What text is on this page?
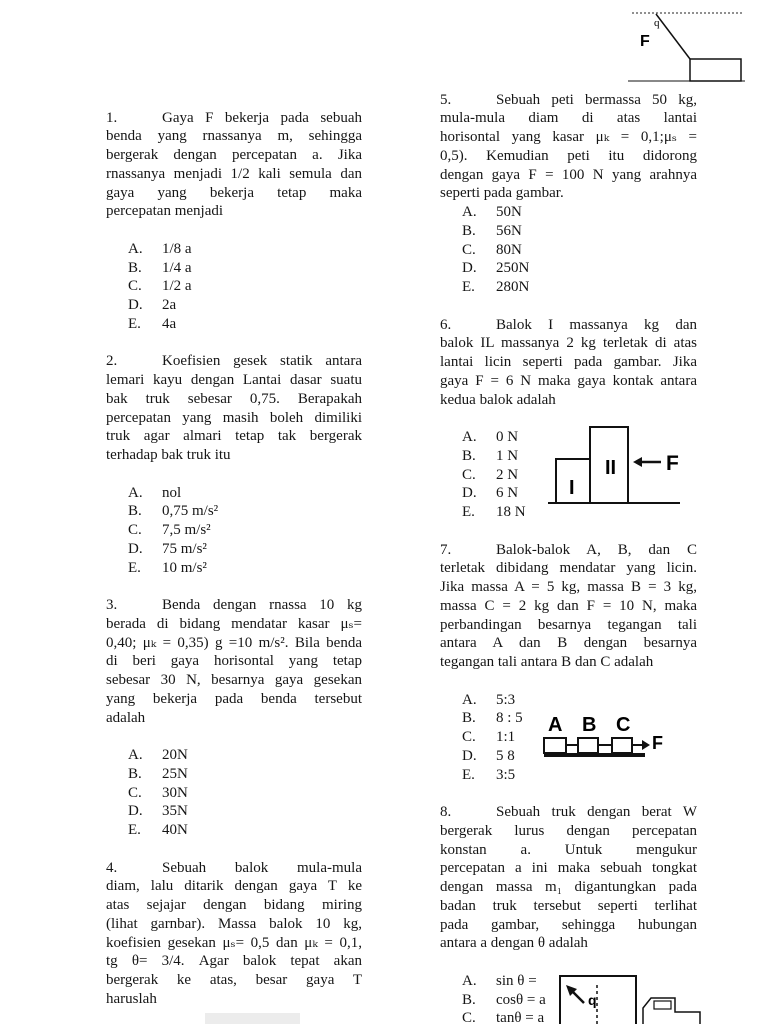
q
F
1.	Gaya F bekerja pada sebuah
benda yang rnassanya m, sehingga
bergerak dengan percepatan a. Jika
rnassanya menjadi 1/2 kali semula dan
gaya yang bekerja tetap maka
percepatan menjadi
A.	1/8 a
B.	1/4 a
C.	1/2 a
D.	2a
E.	4a
2.	Koefisien gesek statik antara
lemari kayu dengan Lantai dasar suatu
bak truk sebesar 0,75. Berapakah
percepatan yang masih boleh dimiliki
truk agar almari tetap tak bergerak
terhadap bak truk itu
A.	nol
B.	0,75 m/s²
C.	7,5 m/s²
D.	75 m/s²
E.	10 m/s²
3.	Benda dengan rnassa 10 kg
berada di bidang mendatar kasar μₛ=
0,40; μₖ = 0,35) g =10 m/s². Bila benda
di beri gaya horisontal yang tetap
sebesar 30 N, besarnya gaya gesekan
yang bekerja pada benda tersebut
adalah
A.	20N
B.	25N
C.	30N
D.	35N
E.	40N
4.	Sebuah balok mula-mula
diam, lalu ditarik dengan gaya T ke
atas sejajar dengan bidang miring
(lihat garnbar). Massa balok 10 kg,
koefisien gesekan μₛ= 0,5 dan μₖ = 0,1,
tg θ= 3/4. Agar balok tepat akan
bergerak ke atas, besar gaya T
haruslah
5.	Sebuah peti bermassa 50 kg,
mula-mula diam di atas lantai
horisontal yang kasar μₖ = 0,1;μₛ =
0,5). Kemudian peti itu didorong
dengan gaya F = 100 N yang arahnya
seperti pada gambar.
A.	50N
B.	56N
C.	80N
D.	250N
E.	280N
6.	Balok I massanya kg dan
balok IL massanya 2 kg terletak di atas
lantai licin seperti pada gambar. Jika
gaya F = 6 N maka gaya kontak antara
kedua balok adalah
A.	0 N
B.	1 N
C.	2 N
D.	6 N
E.	18 N
7.	Balok-balok A, B, dan C
terletak dibidang mendatar yang licin.
Jika massa A = 5 kg, massa B = 3 kg,
massa C = 2 kg dan F = 10 N, maka
perbandingan besarnya tegangan tali
antara A dan B dengan besarnya
tegangan tali antara B dan C adalah
A.	5:3
B.	8 : 5
C.	1:1
D.	5 8
E.	3:5
8.	Sebuah truk dengan berat W
bergerak lurus dengan percepatan
konstan a. Untuk mengukur
percepatan a ini maka sebuah tongkat
dengan massa m₁ digantungkan pada
badan truk tersebut seperti terlihat
pada gambar, sehingga hubungan
antara a dengan θ adalah
A.	sin θ =
B.	cosθ = a
C.	tanθ = a
I
II F
A B C
F
q
